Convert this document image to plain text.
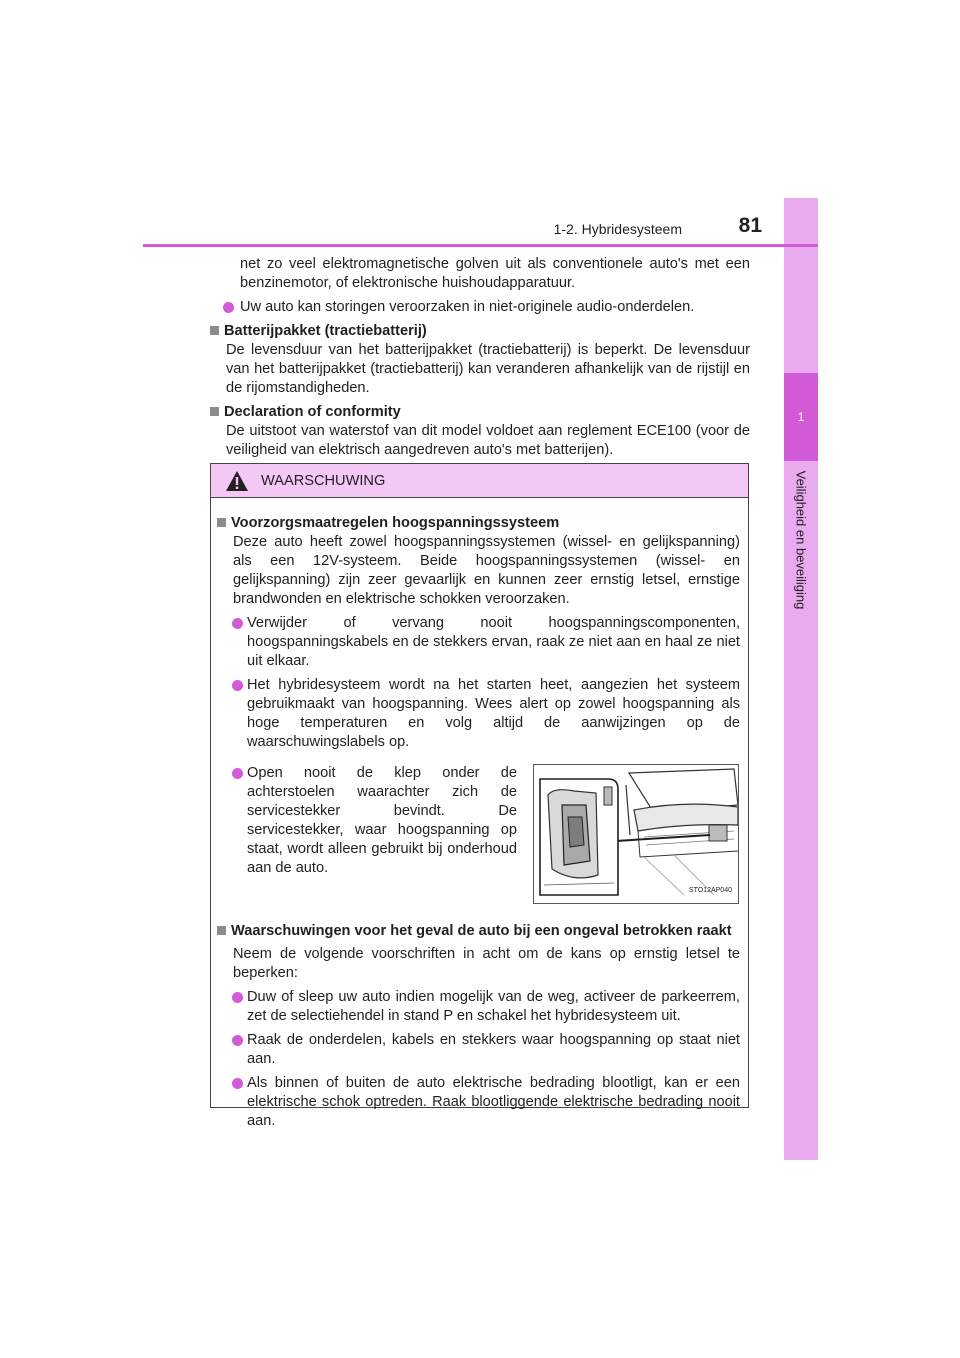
1
Veiligheid en beveiliging
1-2. Hybridesysteem	81

net zo veel elektromagnetische golven uit als conventionele auto's met een benzinemotor, of elektronische huishoudapparatuur.

Uw auto kan storingen veroorzaken in niet-originele audio-onderdelen.
Batterijpakket (tractiebatterij)

De levensduur van het batterijpakket (tractiebatterij) is beperkt. De levensduur van het batterijpakket (tractiebatterij) kan veranderen afhankelijk van de rijstijl en de rijomstandigheden.

Declaration of conformity

De uitstoot van waterstof van dit model voldoet aan reglement ECE100 (voor de veiligheid van elektrisch aangedreven auto's met batterijen).

WAARSCHUWING
Voorzorgsmaatregelen hoogspanningssysteem

Deze auto heeft zowel hoogspanningssystemen (wissel- en gelijkspanning) als een 12V-systeem. Beide hoogspanningssystemen (wissel- en gelijkspanning) zijn zeer gevaarlijk en kunnen zeer ernstig letsel, ernstige brandwonden en elektrische schokken veroorzaken.

Verwijder of vervang nooit hoogspanningscomponenten, hoogspanningskabels en de stekkers ervan, raak ze niet aan en haal ze niet uit elkaar.
Het hybridesysteem wordt na het starten heet, aangezien het systeem gebruikmaakt van hoogspanning. Wees alert op zowel hoogspanning als hoge temperaturen en volg altijd de aanwijzingen op de waarschuwingslabels op.
Open nooit de klep onder de achterstoelen waarachter zich de servicestekker bevindt. De servicestekker, waar hoogspanning op staat, wordt alleen gebruikt bij onderhoud aan de auto.
STO12AP040
Waarschuwingen voor het geval de auto bij een ongeval betrokken raakt

Neem de volgende voorschriften in acht om de kans op ernstig letsel te beperken:

Duw of sleep uw auto indien mogelijk van de weg, activeer de parkeerrem, zet de selectiehendel in stand P en schakel het hybridesysteem uit.
Raak de onderdelen, kabels en stekkers waar hoogspanning op staat niet aan.
Als binnen of buiten de auto elektrische bedrading blootligt, kan er een elektrische schok optreden. Raak blootliggende elektrische bedrading nooit aan.
